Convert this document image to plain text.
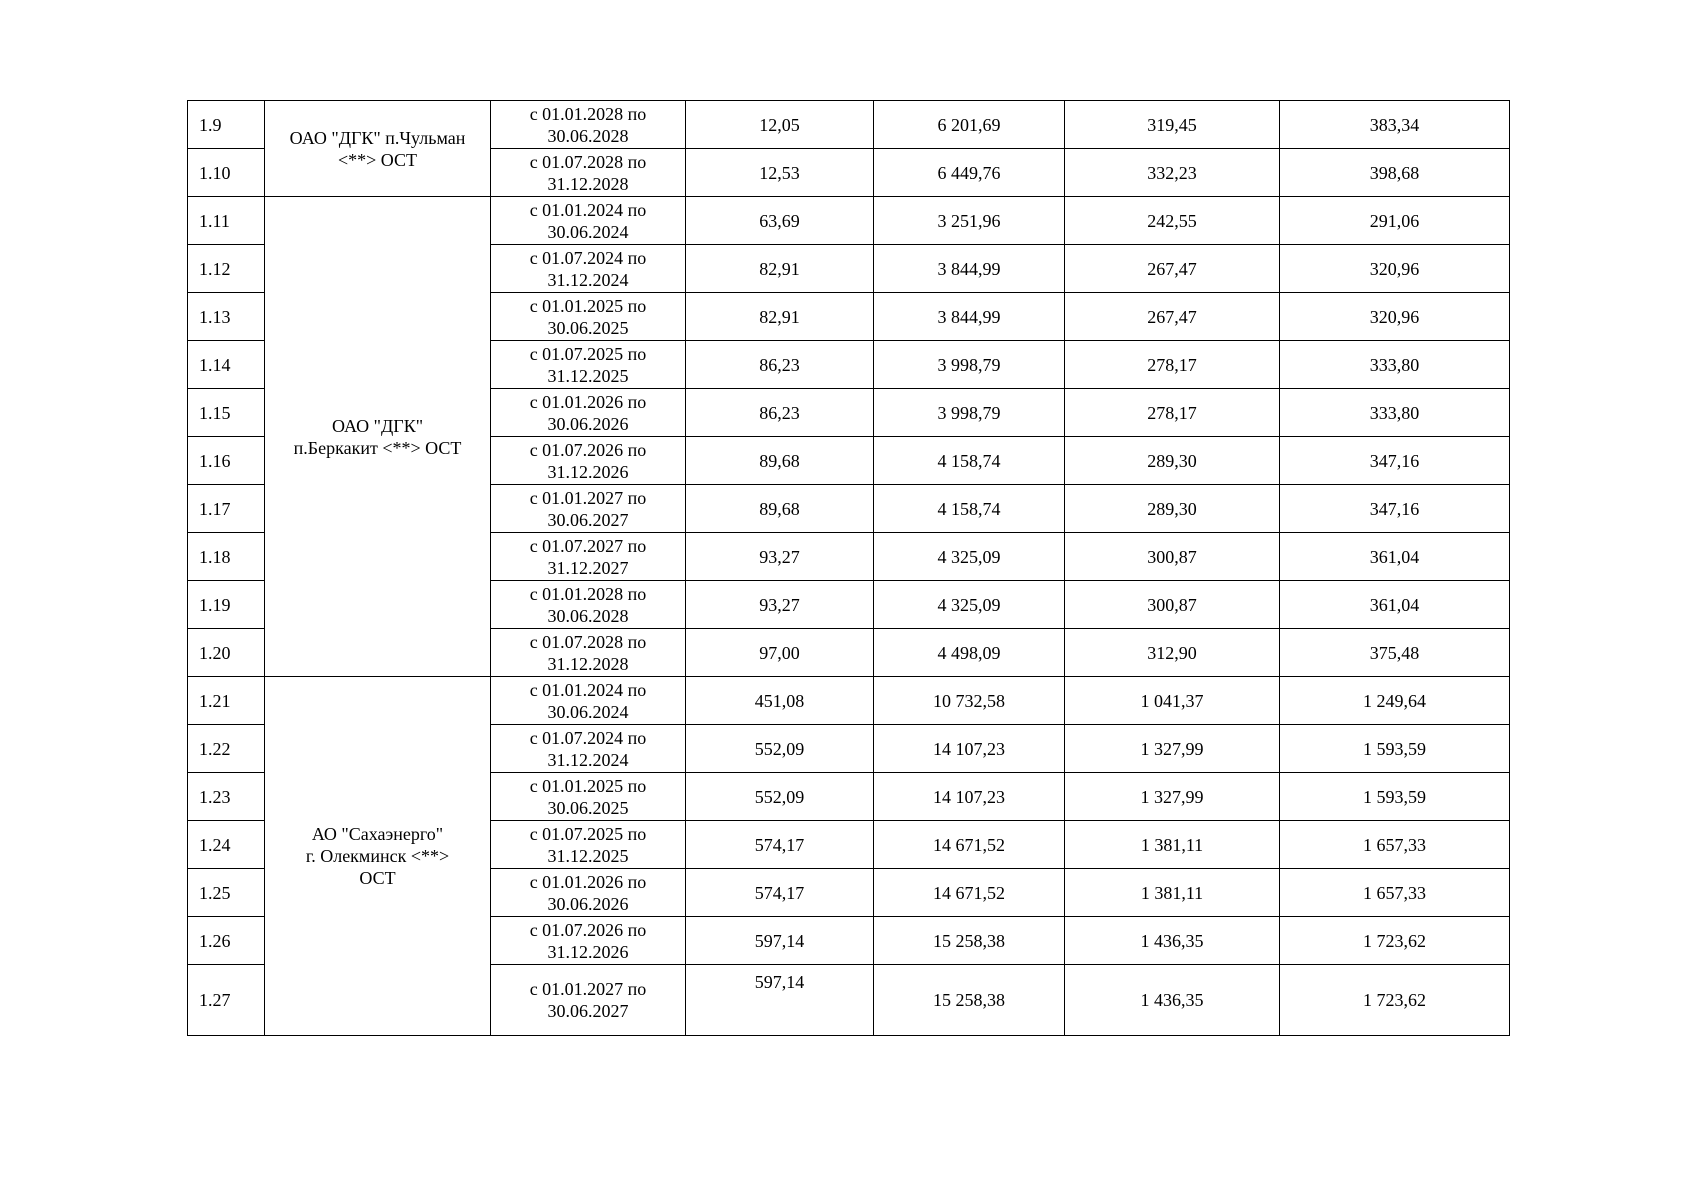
1.9	ОАО "ДГК" п.Чульман
<**> ОСТ	с 01.01.2028 по
30.06.2028	12,05	6 201,69	319,45	383,34
1.10		с 01.07.2028 по
31.12.2028	12,53	6 449,76	332,23	398,68
1.11	ОАО "ДГК"
п.Беркакит <**> ОСТ	с 01.01.2024 по
30.06.2024	63,69	3 251,96	242,55	291,06
1.12		с 01.07.2024 по
31.12.2024	82,91	3 844,99	267,47	320,96
1.13		с 01.01.2025 по
30.06.2025	82,91	3 844,99	267,47	320,96
1.14		с 01.07.2025 по
31.12.2025	86,23	3 998,79	278,17	333,80
1.15		с 01.01.2026 по
30.06.2026	86,23	3 998,79	278,17	333,80
1.16		с 01.07.2026 по
31.12.2026	89,68	4 158,74	289,30	347,16
1.17		с 01.01.2027 по
30.06.2027	89,68	4 158,74	289,30	347,16
1.18		с 01.07.2027 по
31.12.2027	93,27	4 325,09	300,87	361,04
1.19		с 01.01.2028 по
30.06.2028	93,27	4 325,09	300,87	361,04
1.20		с 01.07.2028 по
31.12.2028	97,00	4 498,09	312,90	375,48
1.21	АО "Сахаэнерго"
г. Олекминск <**>
ОСТ	с 01.01.2024 по
30.06.2024	451,08	10 732,58	1 041,37	1 249,64
1.22		с 01.07.2024 по
31.12.2024	552,09	14 107,23	1 327,99	1 593,59
1.23		с 01.01.2025 по
30.06.2025	552,09	14 107,23	1 327,99	1 593,59
1.24		с 01.07.2025 по
31.12.2025	574,17	14 671,52	1 381,11	1 657,33
1.25		с 01.01.2026 по
30.06.2026	574,17	14 671,52	1 381,11	1 657,33
1.26		с 01.07.2026 по
31.12.2026	597,14	15 258,38	1 436,35	1 723,62
1.27		с 01.01.2027 по
30.06.2027	597,14	15 258,38	1 436,35	1 723,62
